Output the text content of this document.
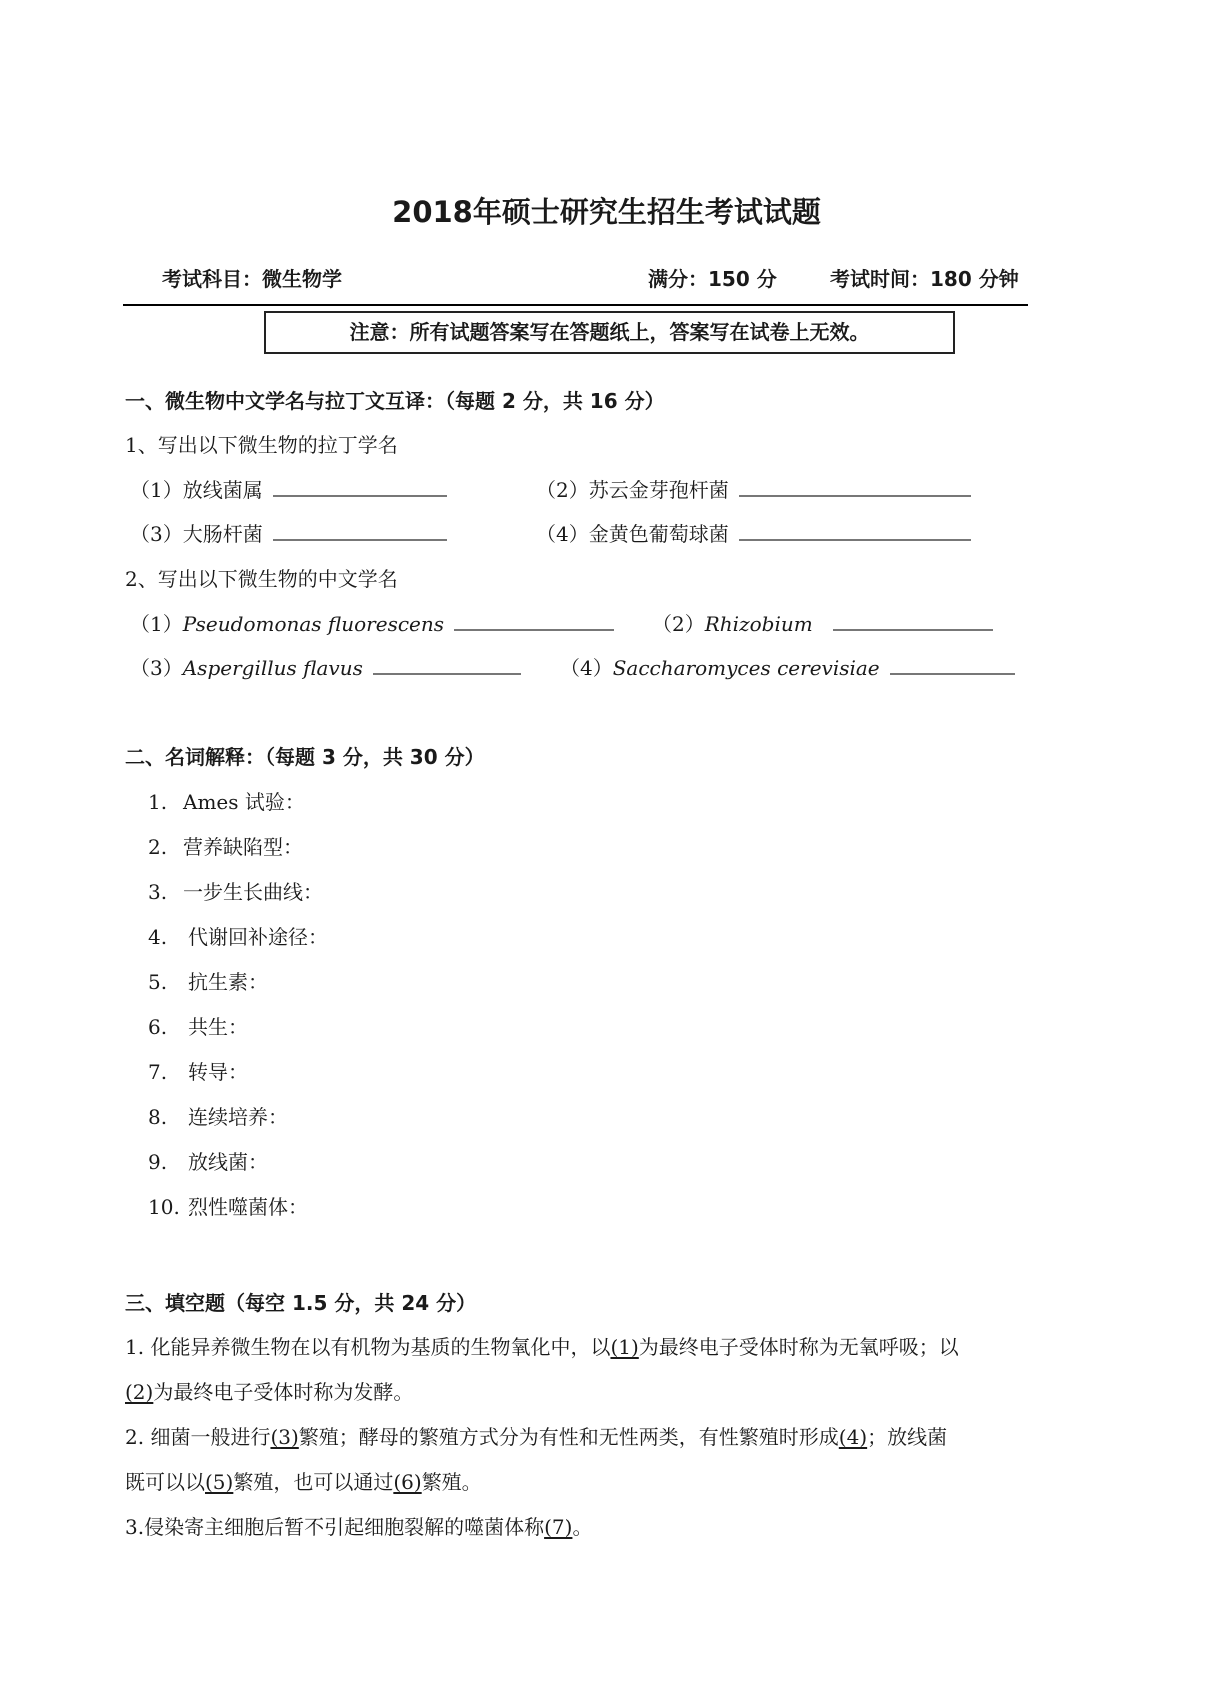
2018年硕士研究生招生考试试题
考试科目：微生物学	满分：150 分	考试时间：180 分钟
注意：所有试题答案写在答题纸上，答案写在试卷上无效。
一、微生物中文学名与拉丁文互译：（每题 2 分，共 16 分）
1、写出以下微生物的拉丁学名
（1）放线菌属	（2）苏云金芽孢杆菌
（3）大肠杆菌	（4）金黄色葡萄球菌
2、写出以下微生物的中文学名
（1）Pseudomonas fluorescens	（2）Rhizobium
（3）Aspergillus flavus	（4）Saccharomyces cerevisiae
二、名词解释：（每题 3 分，共 30 分）
1. Ames 试验：
2. 营养缺陷型：
3. 一步生长曲线：
4. 代谢回补途径：
5. 抗生素：
6. 共生：
7. 转导：
8. 连续培养：
9. 放线菌：
10. 烈性噬菌体：
三、填空题（每空 1.5 分，共 24 分）
1. 化能异养微生物在以有机物为基质的生物氧化中，以(1)为最终电子受体时称为无氧呼吸；以
(2)为最终电子受体时称为发酵。
2. 细菌一般进行(3)繁殖；酵母的繁殖方式分为有性和无性两类，有性繁殖时形成(4)；放线菌
既可以以(5)繁殖，也可以通过(6)繁殖。
3.侵染寄主细胞后暂不引起细胞裂解的噬菌体称(7)。
